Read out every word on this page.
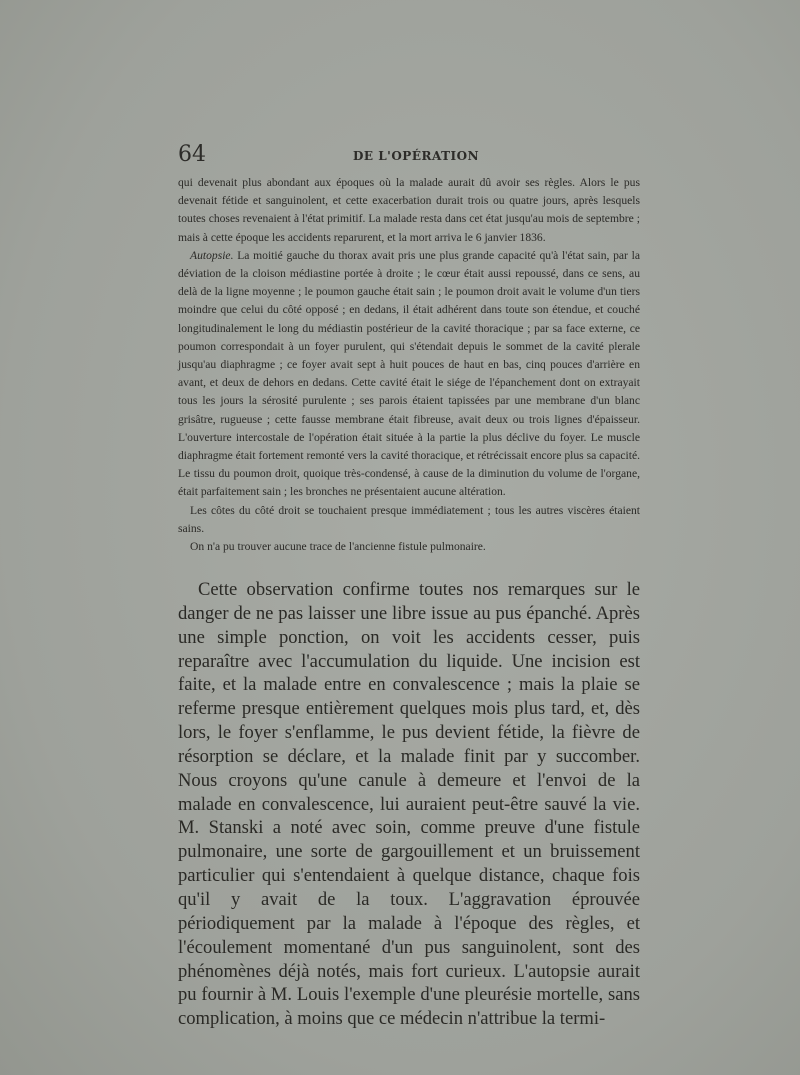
64	DE L'OPÉRATION

qui devenait plus abondant aux époques où la malade aurait dû avoir ses règles. Alors le pus devenait fétide et sanguinolent, et cette exacerbation durait trois ou quatre jours, après lesquels toutes choses revenaient à l'état primitif. La malade resta dans cet état jusqu'au mois de septembre ; mais à cette époque les accidents reparurent, et la mort arriva le 6 janvier 1836.

Autopsie. La moitié gauche du thorax avait pris une plus grande capacité qu'à l'état sain, par la déviation de la cloison médiastine portée à droite ; le cœur était aussi repoussé, dans ce sens, au delà de la ligne moyenne ; le poumon gauche était sain ; le poumon droit avait le volume d'un tiers moindre que celui du côté opposé ; en dedans, il était adhérent dans toute son étendue, et couché longitudinalement le long du médiastin postérieur de la cavité thoracique ; par sa face externe, ce poumon correspondait à un foyer purulent, qui s'étendait depuis le sommet de la cavité plerale jusqu'au diaphragme ; ce foyer avait sept à huit pouces de haut en bas, cinq pouces d'arrière en avant, et deux de dehors en dedans. Cette cavité était le siége de l'épanchement dont on extrayait tous les jours la sérosité purulente ; ses parois étaient tapissées par une membrane d'un blanc grisâtre, rugueuse ; cette fausse membrane était fibreuse, avait deux ou trois lignes d'épaisseur. L'ouverture intercostale de l'opération était située à la partie la plus déclive du foyer. Le muscle diaphragme était fortement remonté vers la cavité thoracique, et rétrécissait encore plus sa capacité. Le tissu du poumon droit, quoique très-condensé, à cause de la diminution du volume de l'organe, était parfaitement sain ; les bronches ne présentaient aucune altération.

Les côtes du côté droit se touchaient presque immédiatement ; tous les autres viscères étaient sains.

On n'a pu trouver aucune trace de l'ancienne fistule pulmonaire.

Cette observation confirme toutes nos remarques sur le danger de ne pas laisser une libre issue au pus épanché. Après une simple ponction, on voit les accidents cesser, puis reparaître avec l'accumulation du liquide. Une incision est faite, et la malade entre en convalescence ; mais la plaie se referme presque entièrement quelques mois plus tard, et, dès lors, le foyer s'enflamme, le pus devient fétide, la fièvre de résorption se déclare, et la malade finit par y succomber. Nous croyons qu'une canule à demeure et l'envoi de la malade en convalescence, lui auraient peut-être sauvé la vie. M. Stanski a noté avec soin, comme preuve d'une fistule pulmonaire, une sorte de gargouillement et un bruissement particulier qui s'entendaient à quelque distance, chaque fois qu'il y avait de la toux. L'aggravation éprouvée périodiquement par la malade à l'époque des règles, et l'écoulement momentané d'un pus sanguinolent, sont des phénomènes déjà notés, mais fort curieux. L'autopsie aurait pu fournir à M. Louis l'exemple d'une pleurésie mortelle, sans complication, à moins que ce médecin n'attribue la termi-
